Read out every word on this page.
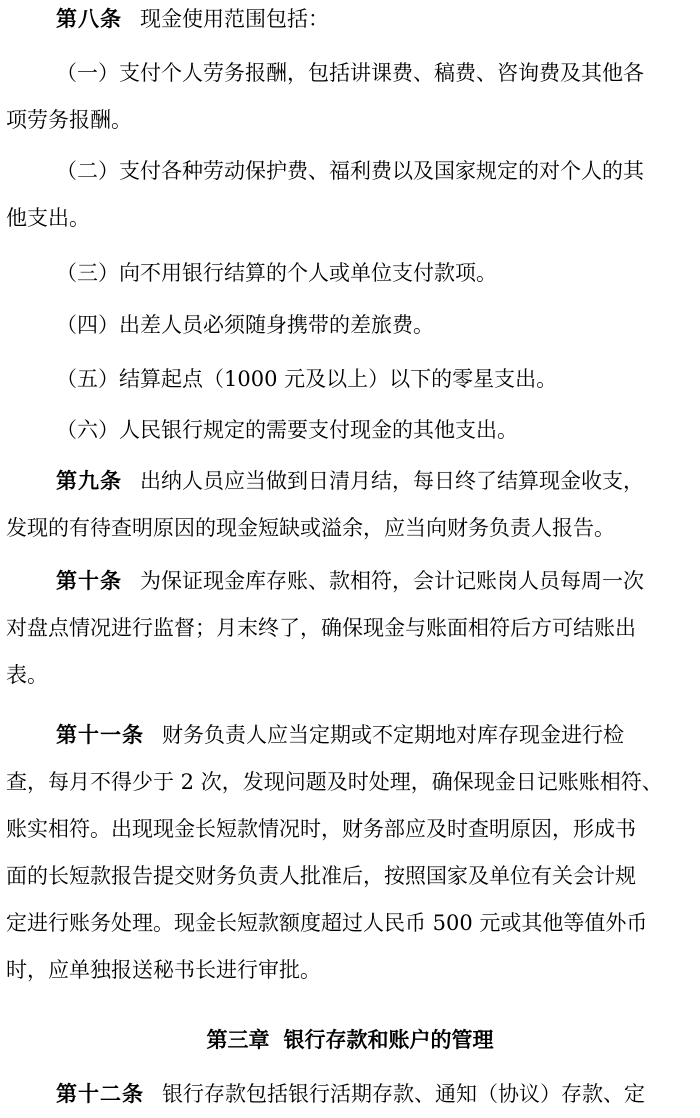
第八条 现金使用范围包括：

（一）支付个人劳务报酬，包括讲课费、稿费、咨询费及其他各
项劳务报酬。

（二）支付各种劳动保护费、福利费以及国家规定的对个人的其
他支出。

（三）向不用银行结算的个人或单位支付款项。

（四）出差人员必须随身携带的差旅费。

（五）结算起点（1000 元及以上）以下的零星支出。

（六）人民银行规定的需要支付现金的其他支出。

第九条 出纳人员应当做到日清月结，每日终了结算现金收支，
发现的有待查明原因的现金短缺或溢余，应当向财务负责人报告。

第十条 为保证现金库存账、款相符，会计记账岗人员每周一次
对盘点情况进行监督；月末终了，确保现金与账面相符后方可结账出
表。

第十一条 财务负责人应当定期或不定期地对库存现金进行检
查，每月不得少于 2 次，发现问题及时处理，确保现金日记账账相符、
账实相符。出现现金长短款情况时，财务部应及时查明原因，形成书
面的长短款报告提交财务负责人批准后，按照国家及单位有关会计规
定进行账务处理。现金长短款额度超过人民币 500 元或其他等值外币
时，应单独报送秘书长进行审批。

第三章 银行存款和账户的管理

第十二条 银行存款包括银行活期存款、通知（协议）存款、定
